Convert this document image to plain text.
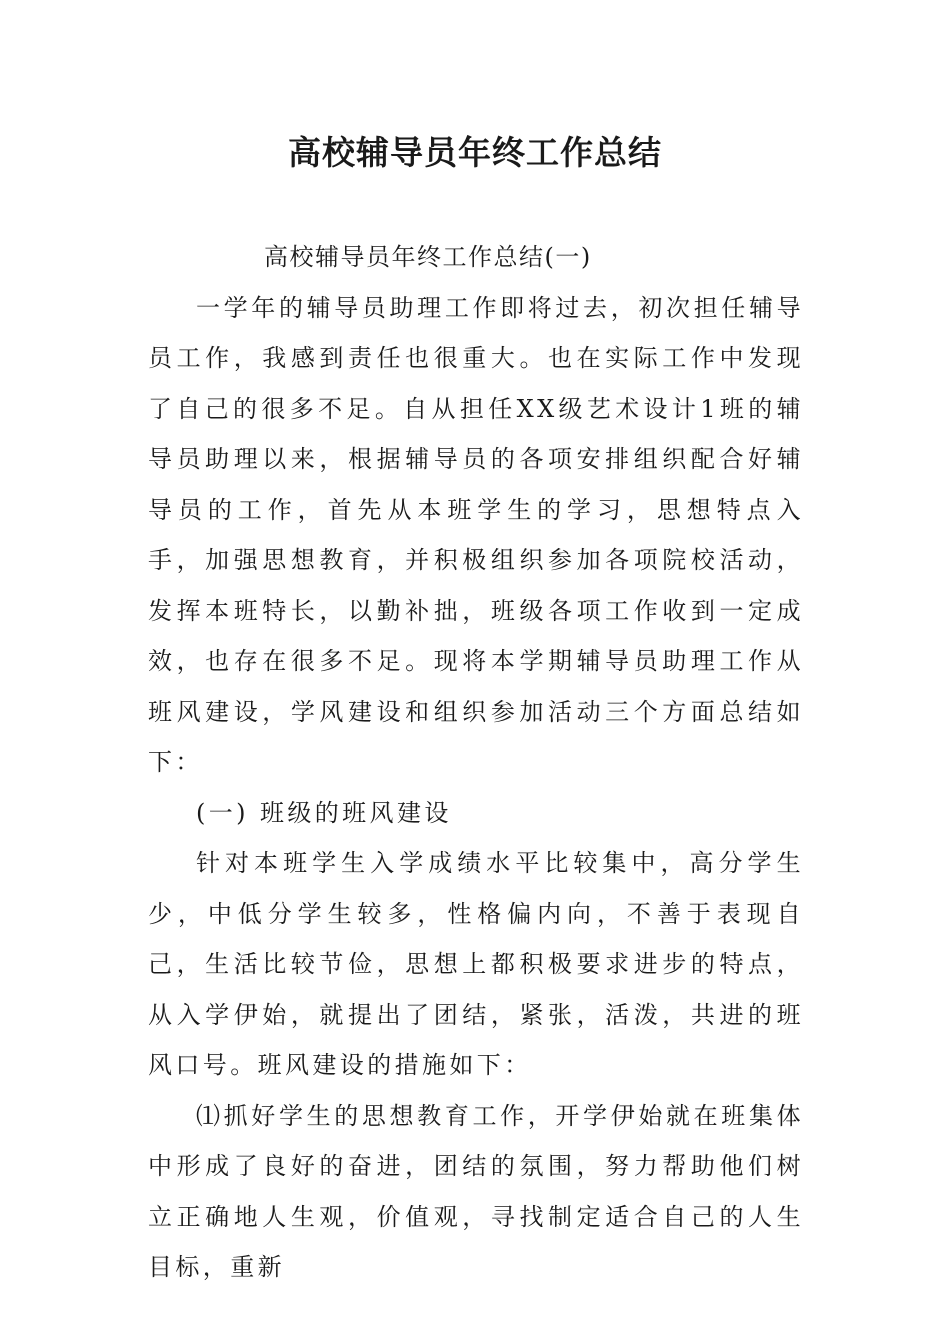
高校辅导员年终工作总结

高校辅导员年终工作总结(一)

一学年的辅导员助理工作即将过去，初次担任辅导员工作，我感到责任也很重大。也在实际工作中发现了自己的很多不足。自从担任XX级艺术设计1班的辅导员助理以来，根据辅导员的各项安排组织配合好辅导员的工作，首先从本班学生的学习，思想特点入手，加强思想教育，并积极组织参加各项院校活动，发挥本班特长，以勤补拙，班级各项工作收到一定成效，也存在很多不足。现将本学期辅导员助理工作从班风建设，学风建设和组织参加活动三个方面总结如下：

(一) 班级的班风建设

针对本班学生入学成绩水平比较集中，高分学生少，中低分学生较多，性格偏内向，不善于表现自己，生活比较节俭，思想上都积极要求进步的特点，从入学伊始，就提出了团结，紧张，活泼，共进的班风口号。班风建设的措施如下：

⑴抓好学生的思想教育工作，开学伊始就在班集体中形成了良好的奋进，团结的氛围，努力帮助他们树立正确地人生观，价值观，寻找制定适合自己的人生目标，重新
